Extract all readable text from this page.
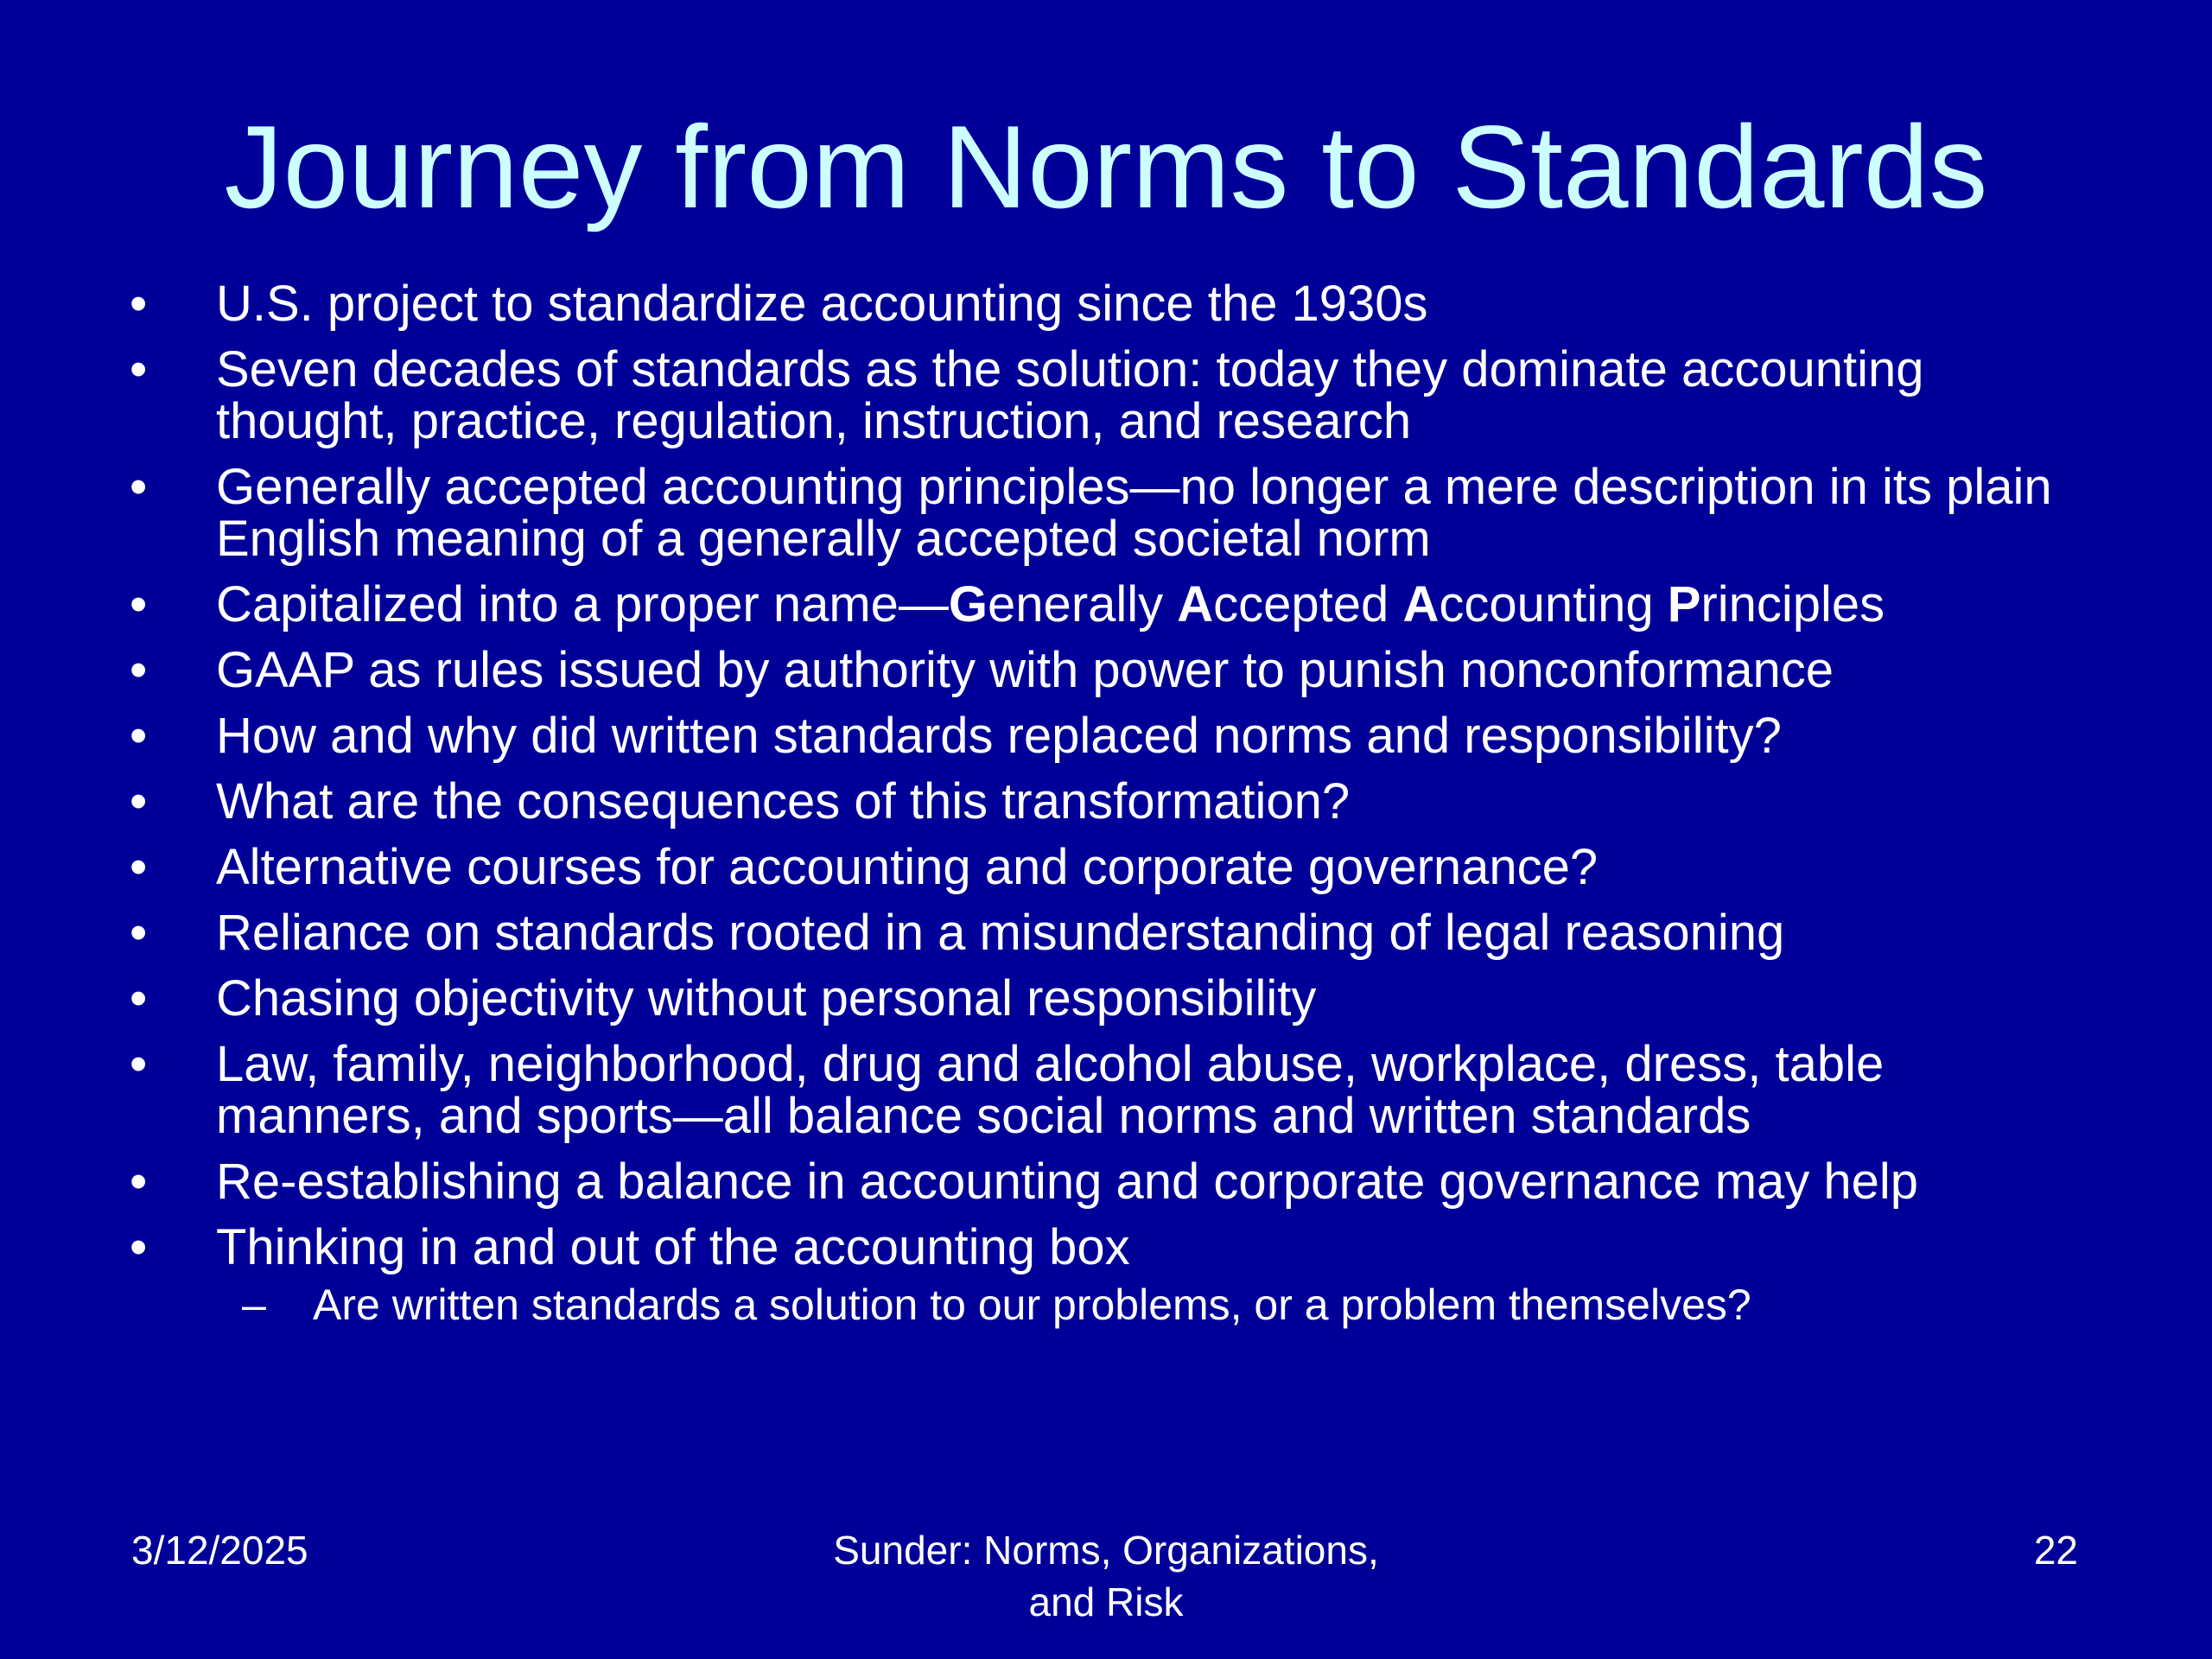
Journey from Norms to Standards
•	U.S. project to standardize accounting since the 1930s
•	Seven decades of standards as the solution: today they dominate accounting thought, practice, regulation, instruction, and research
•	Generally accepted accounting principles—no longer a mere description in its plain English meaning of a generally accepted societal norm
•	Capitalized into a proper name—Generally Accepted Accounting Principles
•	GAAP as rules issued by authority with power to punish nonconformance
•	How and why did written standards replaced norms and responsibility?
•	What are the consequences of this transformation?
•	Alternative courses for accounting and corporate governance?
•	Reliance on standards rooted in a misunderstanding of legal reasoning
•	Chasing objectivity without personal responsibility
•	Law, family, neighborhood, drug and alcohol abuse, workplace, dress, table manners, and sports—all balance social norms and written standards
•	Re-establishing a balance in accounting and corporate governance may help
•	Thinking in and out of the accounting box
– Are written standards a solution to our problems, or a problem themselves?
3/12/2025	Sunder: Norms, Organizations,
and Risk
22
